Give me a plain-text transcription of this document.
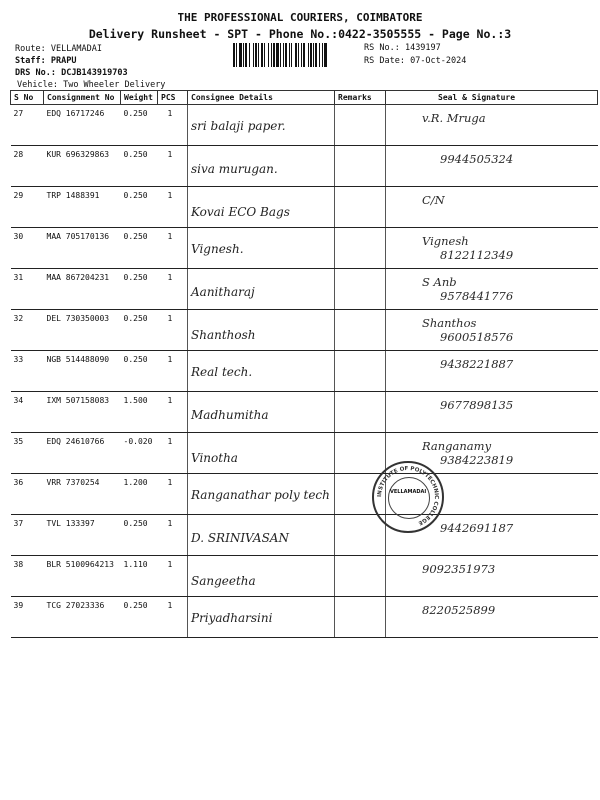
THE PROFESSIONAL COURIERS, COIMBATORE
Delivery Runsheet - SPT - Phone No.:0422-3505555 - Page No.:3
Route: VELLAMADAI
Staff: PRAPU
DRS No.: DCJB143919703
Vehicle: Two Wheeler Delivery
RS No.: 1439197
RS Date: 07-Oct-2024
S No	Consignment No	Weight	PCS	Consignee Details	Remarks	Seal & Signature
27	EDQ 16717246	0.250	1	sri balaji paper.		v.R. Mruga

28	KUR 696329863	0.250	1	siva murugan.		9944505324

29	TRP 1488391	0.250	1	Kovai ECO Bags		C/N

30	MAA 705170136	0.250	1	Vignesh.		Vignesh
8122112349

31	MAA 867204231	0.250	1	Aanitharaj		S Anb
9578441776

32	DEL 730350003	0.250	1	Shanthosh		Shanthos
9600518576

33	NGB 514488090	0.250	1	Real tech.		9438221887

34	IXM 507158083	1.500	1	Madhumitha		9677898135

35	EDQ 24610766	-0.020	1	Vinotha		Ranganamy
9384223819

36	VRR 7370254	1.200	1	Ranganathar poly tech		

37	TVL 133397	0.250	1	D. SRINIVASAN		9442691187

38	BLR 5100964213	1.110	1	Sangeetha		9092351973

39	TCG 27023336	0.250	1	Priyadharsini		8220525899
INSTITUTE OF POLYTECHNIC COLLEGE
VELLAMADAI
